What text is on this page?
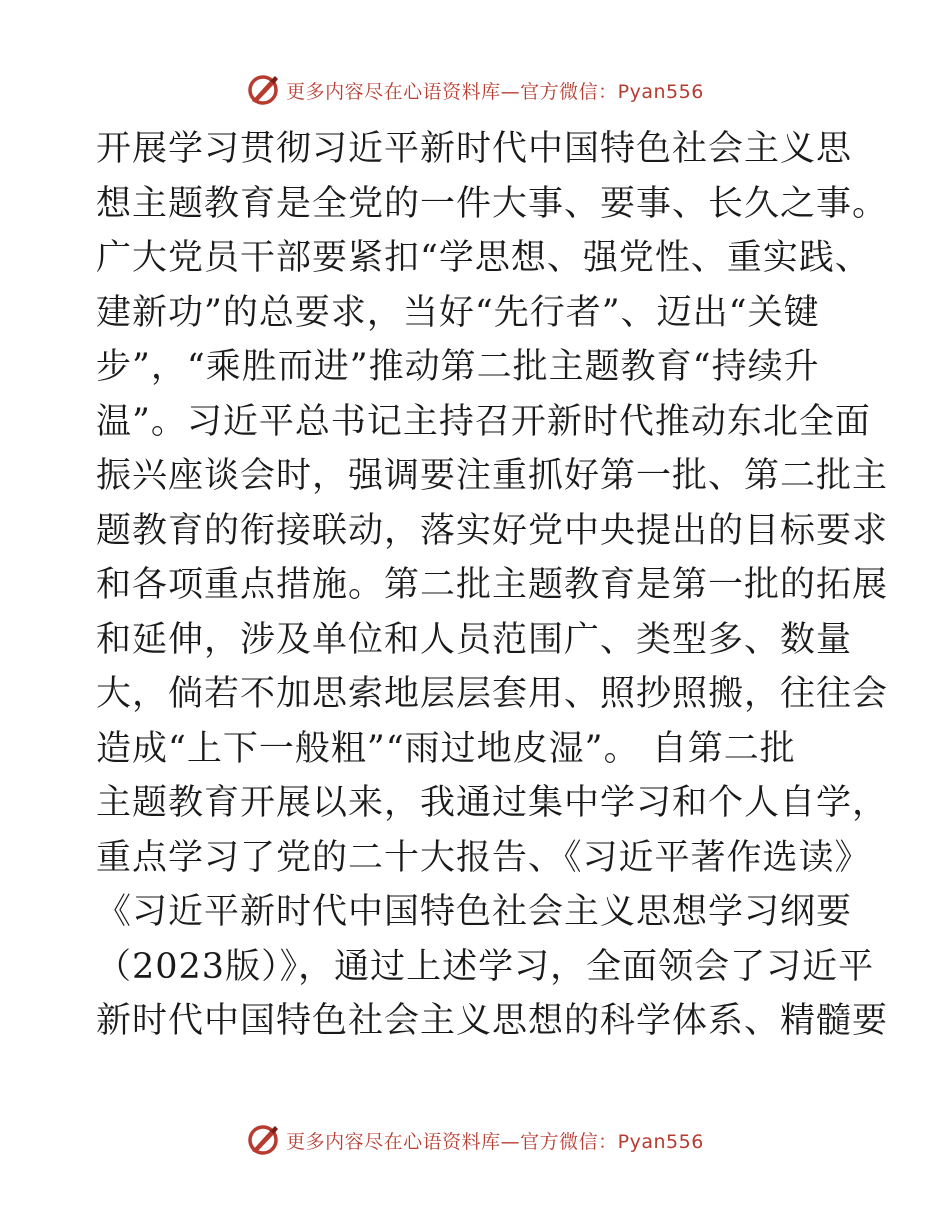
更多内容尽在心语资料库—官方微信：Pyan556
开展学习贯彻习近平新时代中国特色社会主义思
想主题教育是全党的一件大事、要事、长久之事。
广大党员干部要紧扣“学思想、强党性、重实践、
建新功”的总要求，当好“先行者”、迈出“关键
步”，“乘胜而进”推动第二批主题教育“持续升
温”。习近平总书记主持召开新时代推动东北全面
振兴座谈会时，强调要注重抓好第一批、第二批主
题教育的衔接联动，落实好党中央提出的目标要求
和各项重点措施。第二批主题教育是第一批的拓展
和延伸，涉及单位和人员范围广、类型多、数量
大，倘若不加思索地层层套用、照抄照搬，往往会
造成“上下一般粗”“雨过地皮湿”。 自第二批
主题教育开展以来，我通过集中学习和个人自学，
重点学习了党的二十大报告、《习近平著作选读》
《习近平新时代中国特色社会主义思想学习纲要
（2023版）》，通过上述学习，全面领会了习近平
新时代中国特色社会主义思想的科学体系、精髓要
更多内容尽在心语资料库—官方微信：Pyan556
